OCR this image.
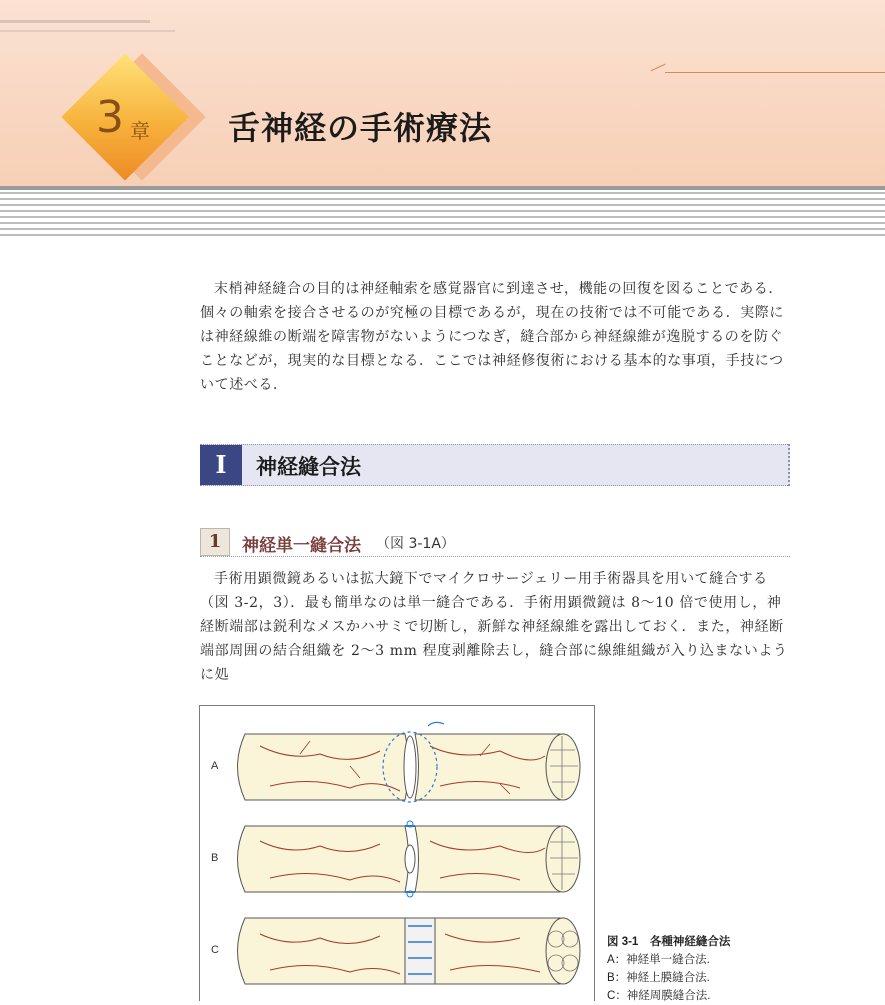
3 章 舌神経の手術療法

末梢神経縫合の目的は神経軸索を感覚器官に到達させ，機能の回復を図ることである．個々の軸索を接合させるのが究極の目標であるが，現在の技術では不可能である．実際には神経線維の断端を障害物がないようにつなぎ，縫合部から神経線維が逸脱するのを防ぐことなどが，現実的な目標となる．ここでは神経修復術における基本的な事項，手技について述べる．

I	神経縫合法
1	神経単一縫合法 （図 3-1A）

手術用顕微鏡あるいは拡大鏡下でマイクロサージェリー用手術器具を用いて縫合する（図 3-2，3）．最も簡単なのは単一縫合である．手術用顕微鏡は 8〜10 倍で使用し，神経断端部は鋭利なメスかハサミで切断し，新鮮な神経線維を露出しておく．また，神経断端部周囲の結合組織を 2〜3 mm 程度剥離除去し，縫合部に線維組織が入り込まないように処

A
B
C
図 3-1　各種神経縫合法
A：神経単一縫合法.
B：神経上膜縫合法.
C：神経周膜縫合法.
